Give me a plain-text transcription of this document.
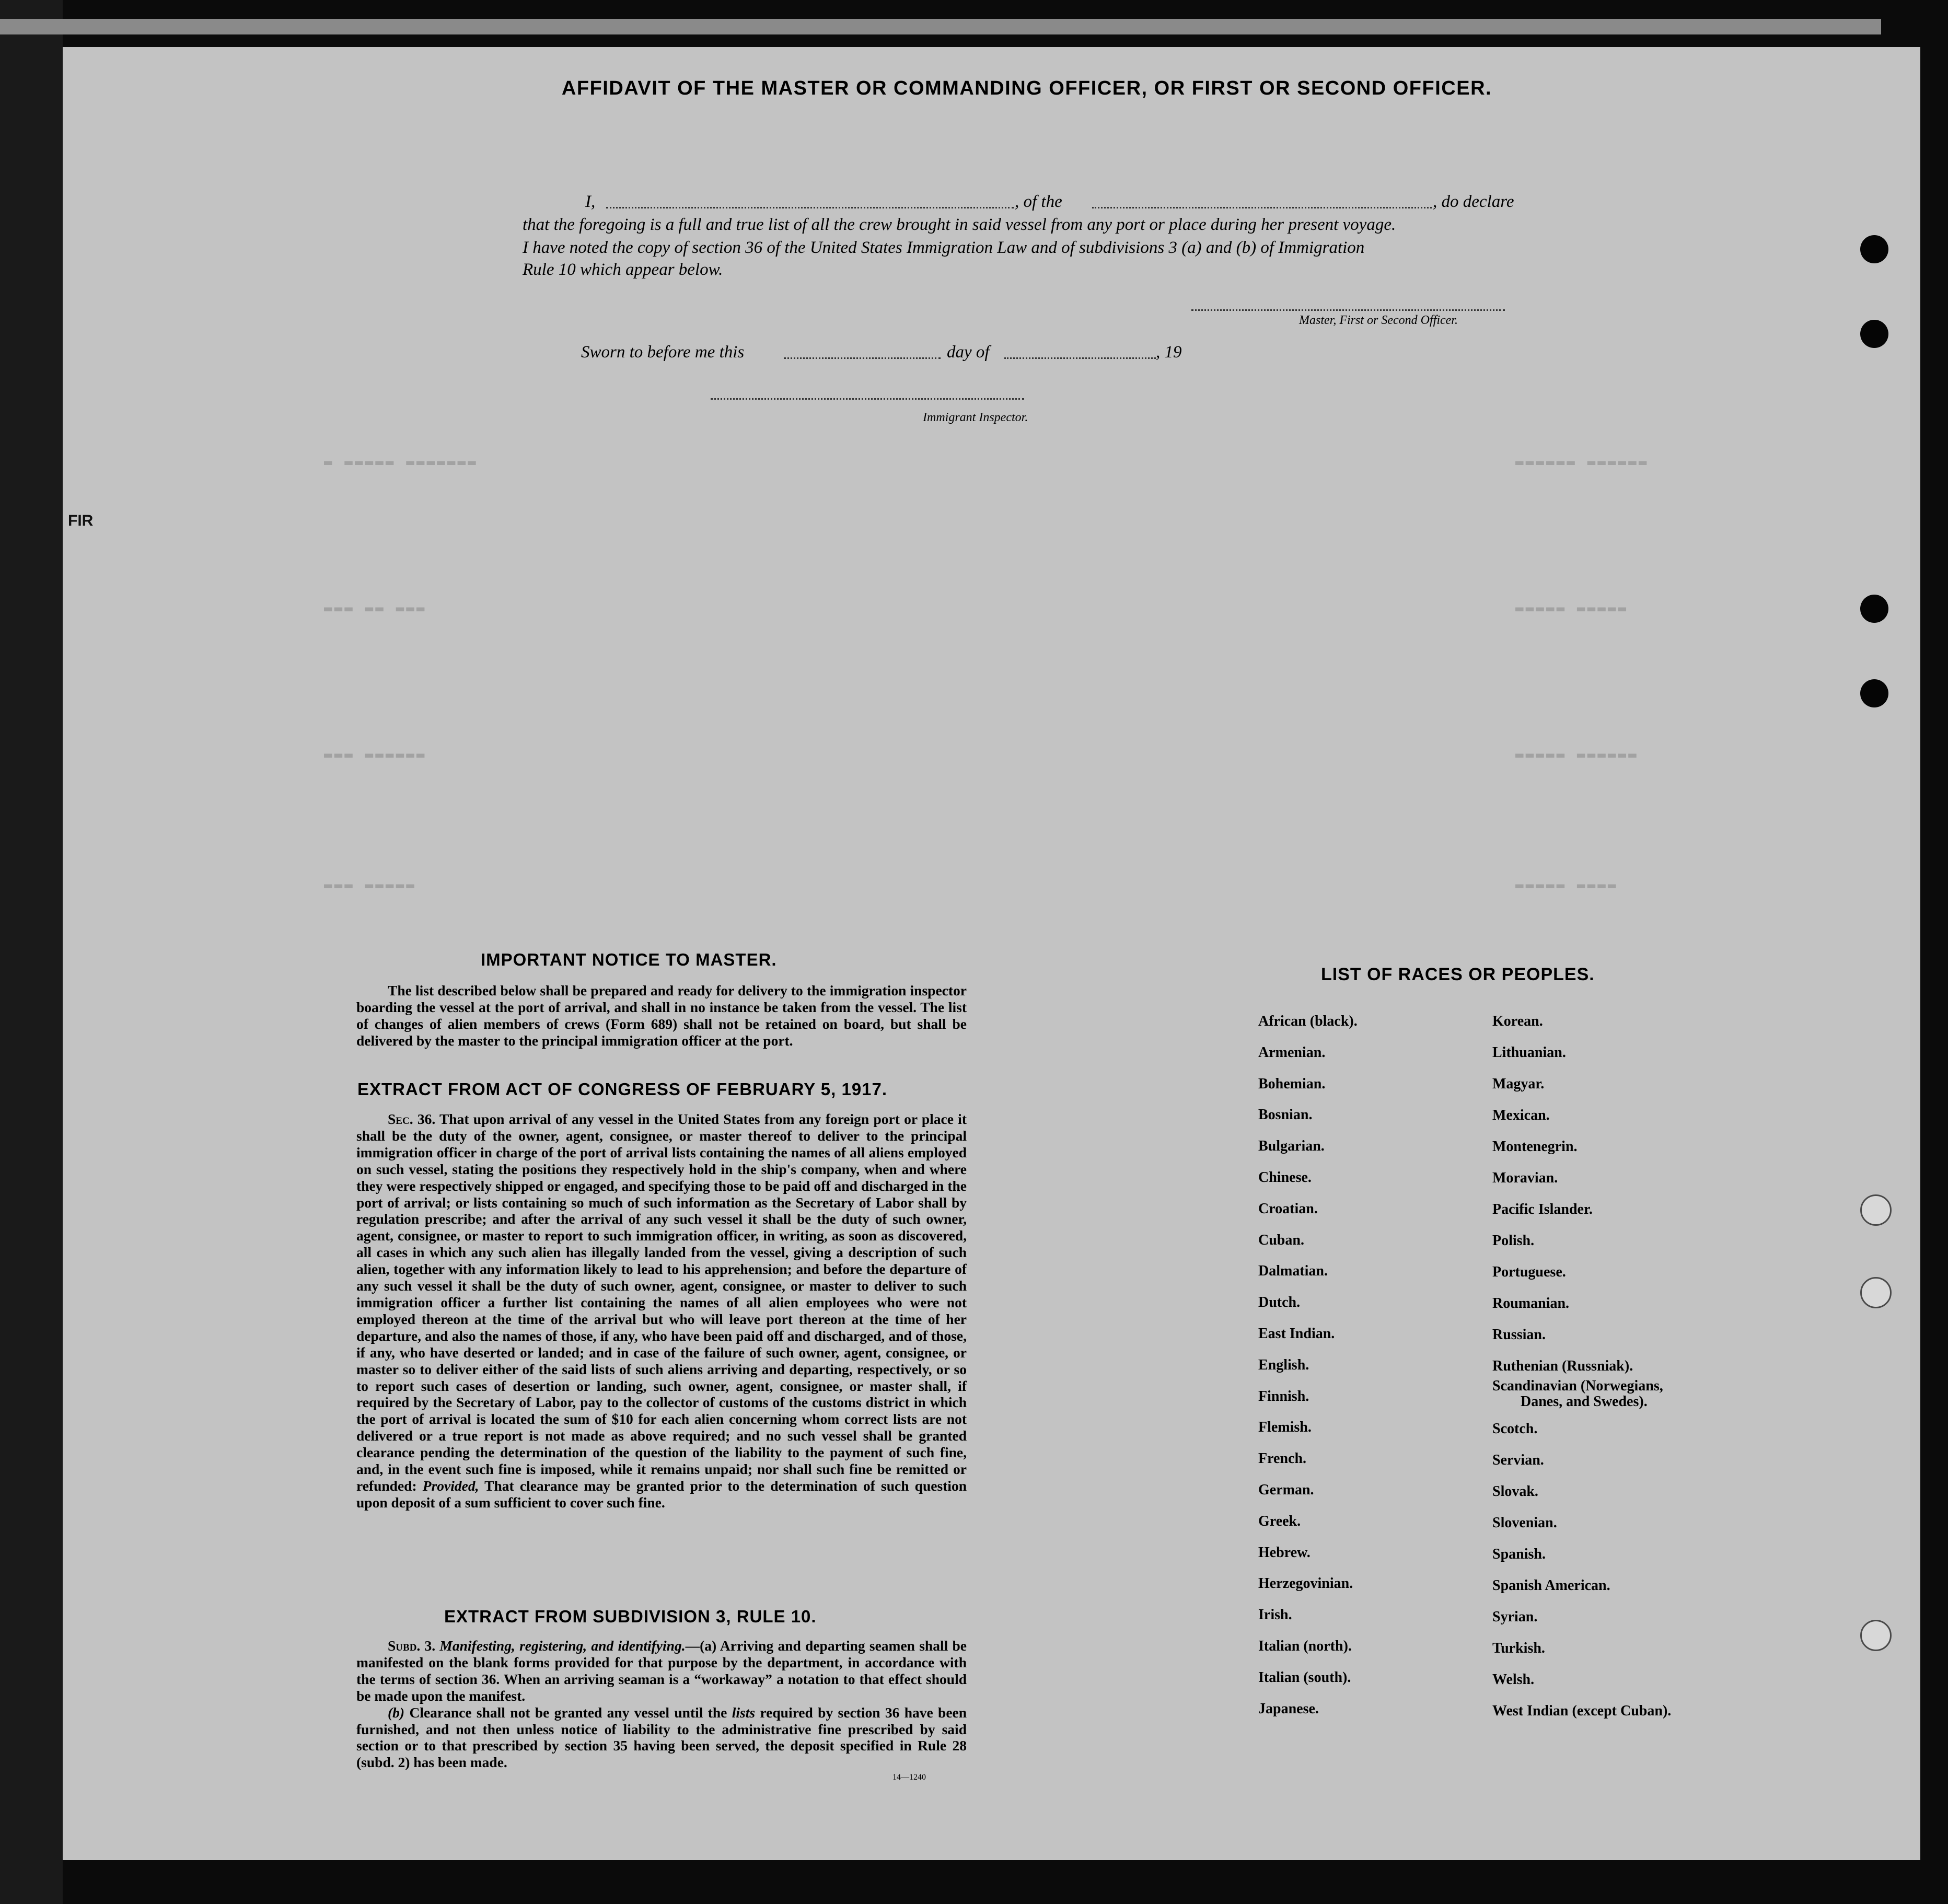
FIR
AFFIDAVIT OF THE MASTER OR COMMANDING OFFICER, OR FIRST OR SECOND OFFICER.
I,	, of the	, do declare
that the foregoing is a full and true list of all the crew brought in said vessel from any port or place during her present voyage.
I have noted the copy of section 36 of the United States Immigration Law and of subdivisions 3 (a) and (b) of Immigration
Rule 10 which appear below.
Master, First or Second Officer.
Sworn to before me this	day of	, 19
Immigrant Inspector.
▬ ▬▬▬▬▬ ▬▬▬▬▬▬▬
▬▬▬ ▬▬ ▬▬▬
▬▬▬ ▬▬▬▬▬▬
▬▬▬ ▬▬▬▬▬
▬▬▬▬▬▬ ▬▬▬▬▬▬
▬▬▬▬▬ ▬▬▬▬▬
▬▬▬▬▬ ▬▬▬▬▬▬
▬▬▬▬▬ ▬▬▬▬
IMPORTANT NOTICE TO MASTER.

The list described below shall be prepared and ready for delivery to the immigration inspector boarding the vessel at the port of arrival, and shall in no instance be taken from the vessel. The list of changes of alien members of crews (Form 689) shall not be retained on board, but shall be delivered by the master to the principal immigration officer at the port.

EXTRACT FROM ACT OF CONGRESS OF FEBRUARY 5, 1917.

Sec. 36. That upon arrival of any vessel in the United States from any foreign port or place it shall be the duty of the owner, agent, consignee, or master thereof to deliver to the principal immigration officer in charge of the port of arrival lists containing the names of all aliens employed on such vessel, stating the positions they respectively hold in the ship's company, when and where they were respectively shipped or engaged, and specifying those to be paid off and discharged in the port of arrival; or lists containing so much of such information as the Secretary of Labor shall by regulation prescribe; and after the arrival of any such vessel it shall be the duty of such owner, agent, consignee, or master to report to such immigration officer, in writing, as soon as discovered, all cases in which any such alien has illegally landed from the vessel, giving a description of such alien, together with any information likely to lead to his apprehension; and before the departure of any such vessel it shall be the duty of such owner, agent, consignee, or master to deliver to such immigration officer a further list containing the names of all alien employees who were not employed thereon at the time of the arrival but who will leave port thereon at the time of her departure, and also the names of those, if any, who have been paid off and discharged, and of those, if any, who have deserted or landed; and in case of the failure of such owner, agent, consignee, or master so to deliver either of the said lists of such aliens arriving and departing, respectively, or so to report such cases of desertion or landing, such owner, agent, consignee, or master shall, if required by the Secretary of Labor, pay to the collector of customs of the customs district in which the port of arrival is located the sum of $10 for each alien concerning whom correct lists are not delivered or a true report is not made as above required; and no such vessel shall be granted clearance pending the determination of the question of the liability to the payment of such fine, and, in the event such fine is imposed, while it remains unpaid; nor shall such fine be remitted or refunded: Provided, That clearance may be granted prior to the determination of such question upon deposit of a sum sufficient to cover such fine.

EXTRACT FROM SUBDIVISION 3, RULE 10.

Subd. 3. Manifesting, registering, and identifying.—(a) Arriving and departing seamen shall be manifested on the blank forms provided for that purpose by the department, in accordance with the terms of section 36. When an arriving seaman is a “workaway” a notation to that effect should be made upon the manifest.

(b) Clearance shall not be granted any vessel until the lists required by section 36 have been furnished, and not then unless notice of liability to the administrative fine prescribed by said section or to that prescribed by section 35 having been served, the deposit specified in Rule 28 (subd. 2) has been made.

14—1240
LIST OF RACES OR PEOPLES.
African (black).
Armenian.
Bohemian.
Bosnian.
Bulgarian.
Chinese.
Croatian.
Cuban.
Dalmatian.
Dutch.
East Indian.
English.
Finnish.
Flemish.
French.
German.
Greek.
Hebrew.
Herzegovinian.
Irish.
Italian (north).
Italian (south).
Japanese.
Korean.
Lithuanian.
Magyar.
Mexican.
Montenegrin.
Moravian.
Pacific Islander.
Polish.
Portuguese.
Roumanian.
Russian.
Ruthenian (Russniak).
Scandinavian (Norwegians,
Danes, and Swedes).
Scotch.
Servian.
Slovak.
Slovenian.
Spanish.
Spanish American.
Syrian.
Turkish.
Welsh.
West Indian (except Cuban).
